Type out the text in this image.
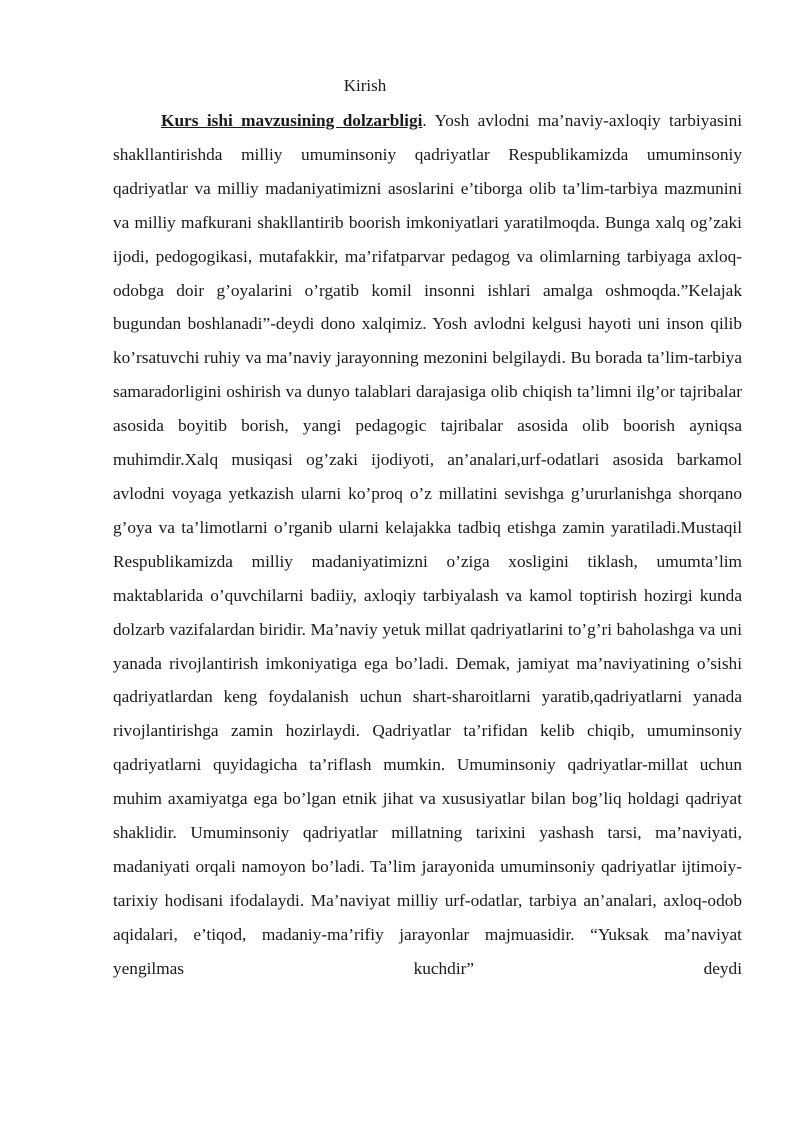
Kirish

Kurs ishi mavzusining dolzarbligi. Yosh avlodni ma’naviy-axloqiy tarbiyasini shakllantirishda milliy umuminsoniy qadriyatlar Respublikamizda umuminsoniy qadriyatlar va milliy madaniyatimizni asoslarini e’tiborga olib ta’lim-tarbiya mazmunini va milliy mafkurani shakllantirib boorish imkoniyatlari yaratilmoqda. Bunga xalq og’zaki ijodi, pedogogikasi, mutafakkir, ma’rifatparvar pedagog va olimlarning tarbiyaga axloq-odobga doir g’oyalarini o’rgatib komil insonni ishlari amalga oshmoqda.”Kelajak bugundan boshlanadi”-deydi dono xalqimiz. Yosh avlodni kelgusi hayoti uni inson qilib ko’rsatuvchi ruhiy va ma’naviy jarayonning mezonini belgilaydi. Bu borada ta’lim-tarbiya samaradorligini oshirish va dunyo talablari darajasiga olib chiqish ta’limni ilg’or tajribalar asosida boyitib borish, yangi pedagogic tajribalar asosida olib boorish ayniqsa muhimdir.Xalq musiqasi og’zaki ijodiyoti, an’analari,urf-odatlari asosida barkamol avlodni voyaga yetkazish ularni ko’proq o’z millatini sevishga g’ururlanishga shorqano g’oya va ta’limotlarni o’rganib ularni kelajakka tadbiq etishga zamin yaratiladi.Mustaqil Respublikamizda milliy madaniyatimizni o’ziga xosligini tiklash, umumta’lim maktablarida o’quvchilarni badiiy, axloqiy tarbiyalash va kamol toptirish hozirgi kunda dolzarb vazifalardan biridir. Ma’naviy yetuk millat qadriyatlarini to’g’ri baholashga va uni yanada rivojlantirish imkoniyatiga ega bo’ladi. Demak, jamiyat ma’naviyatining o’sishi qadriyatlardan keng foydalanish uchun shart-sharoitlarni yaratib,qadriyatlarni yanada rivojlantirishga zamin hozirlaydi. Qadriyatlar ta’rifidan kelib chiqib, umuminsoniy qadriyatlarni quyidagicha ta’riflash mumkin. Umuminsoniy qadriyatlar-millat uchun muhim axamiyatga ega bo’lgan etnik jihat va xususiyatlar bilan bog’liq holdagi qadriyat shaklidir. Umuminsoniy qadriyatlar millatning tarixini yashash tarsi, ma’naviyati, madaniyati orqali namoyon bo’ladi. Ta’lim jarayonida umuminsoniy qadriyatlar ijtimoiy-tarixiy hodisani ifodalaydi. Ma’naviyat milliy urf-odatlar, tarbiya an’analari, axloq-odob aqidalari, e’tiqod, madaniy-ma’rifiy jarayonlar majmuasidir. “Yuksak ma’naviyat yengilmas kuchdir” deydi
